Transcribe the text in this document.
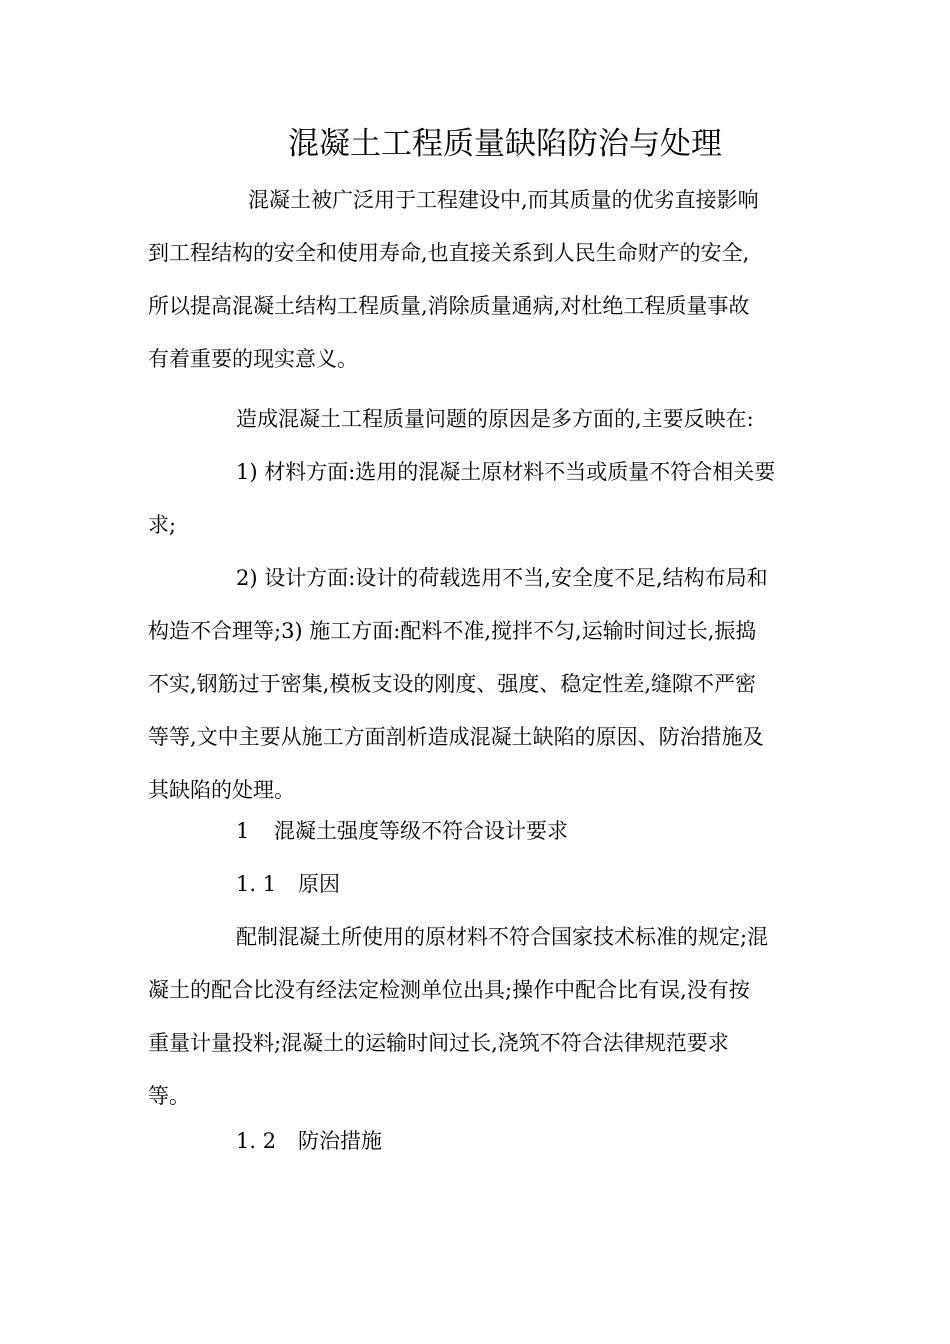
混凝土工程质量缺陷防治与处理
混凝土被广泛用于工程建设中,而其质量的优劣直接影响
到工程结构的安全和使用寿命,也直接关系到人民生命财产的安全,
所以提高混凝土结构工程质量,消除质量通病,对杜绝工程质量事故
有着重要的现实意义。
造成混凝土工程质量问题的原因是多方面的,主要反映在:
1) 材料方面:选用的混凝土原材料不当或质量不符合相关要
求;
2) 设计方面:设计的荷载选用不当,安全度不足,结构布局和
构造不合理等;3) 施工方面:配料不准,搅拌不匀,运输时间过长,振捣
不实,钢筋过于密集,模板支设的刚度、强度、稳定性差,缝隙不严密
等等,文中主要从施工方面剖析造成混凝土缺陷的原因、防治措施及
其缺陷的处理。
1 混凝土强度等级不符合设计要求
1. 1 原因
配制混凝土所使用的原材料不符合国家技术标准的规定;混
凝土的配合比没有经法定检测单位出具;操作中配合比有误,没有按
重量计量投料;混凝土的运输时间过长,浇筑不符合法律规范要求
等。
1. 2 防治措施
